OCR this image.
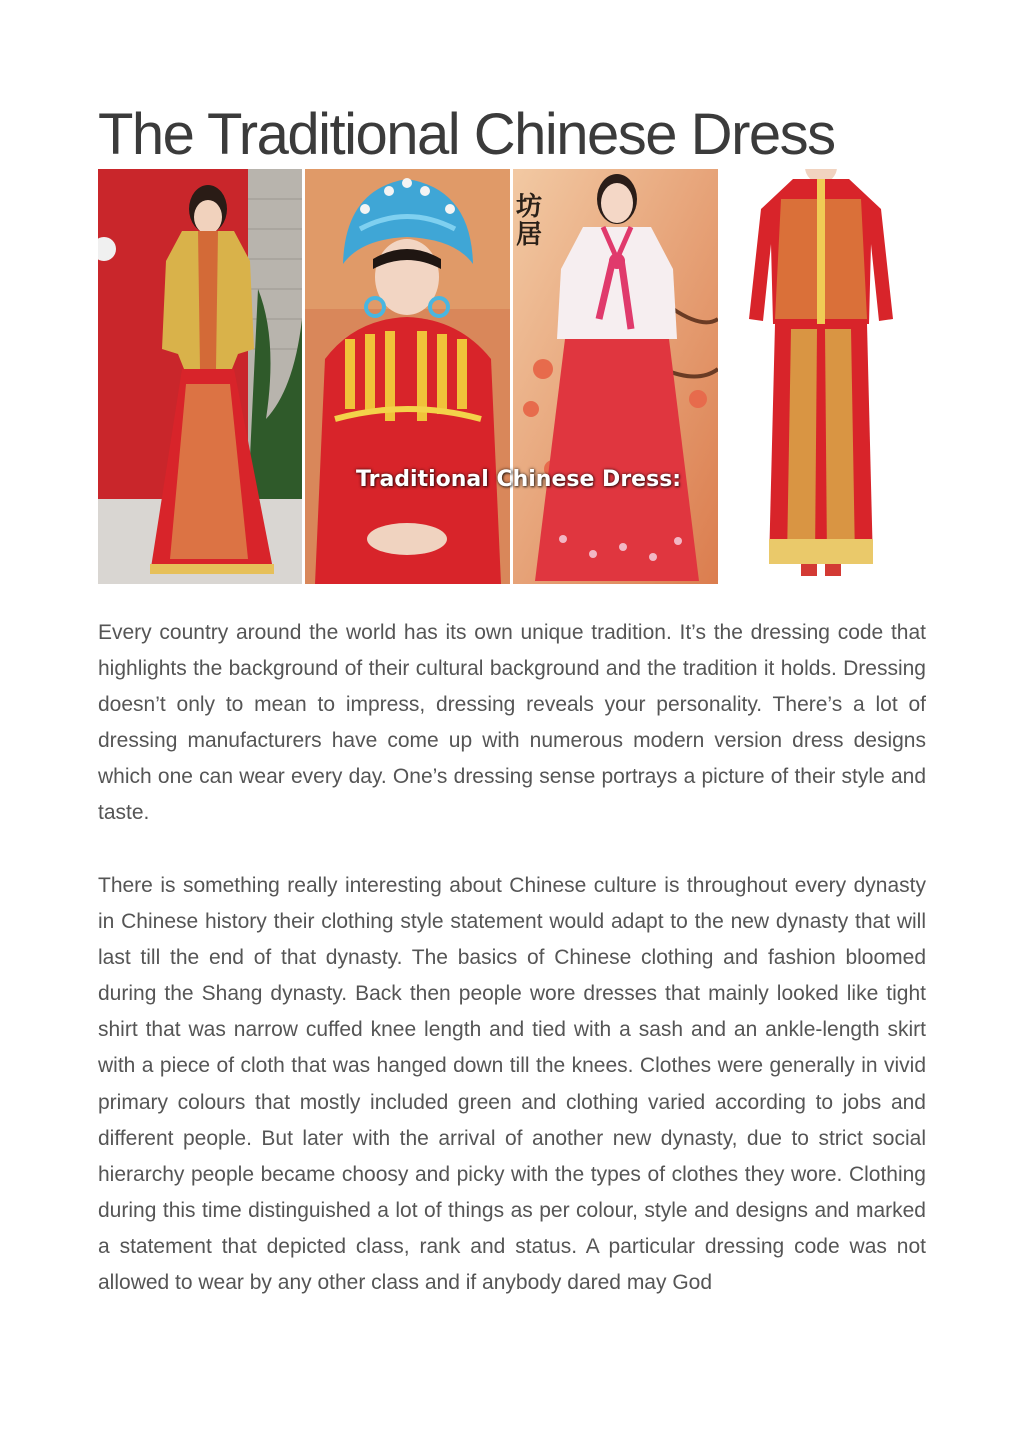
The Traditional Chinese Dress
坊居
Traditional Chinese Dress:

Every country around the world has its own unique tradition. It’s the dressing code that highlights the background of their cultural background and the tradition it holds. Dressing doesn’t only to mean to impress, dressing reveals your personality. There’s a lot of dressing manufacturers have come up with numerous modern version dress designs which one can wear every day. One’s dressing sense portrays a picture of their style and taste.

There is something really interesting about Chinese culture is throughout every dynasty in Chinese history their clothing style statement would adapt to the new dynasty that will last till the end of that dynasty. The basics of Chinese clothing and fashion bloomed during the Shang dynasty. Back then people wore dresses that mainly looked like tight shirt that was narrow cuffed knee length and tied with a sash and an ankle-length skirt with a piece of cloth that was hanged down till the knees. Clothes were generally in vivid primary colours that mostly included green and clothing varied according to jobs and different people. But later with the arrival of another new dynasty, due to strict social hierarchy people became choosy and picky with the types of clothes they wore. Clothing during this time distinguished a lot of things as per colour, style and designs and marked a statement that depicted class, rank and status. A particular dressing code was not allowed to wear by any other class and if anybody dared may God
